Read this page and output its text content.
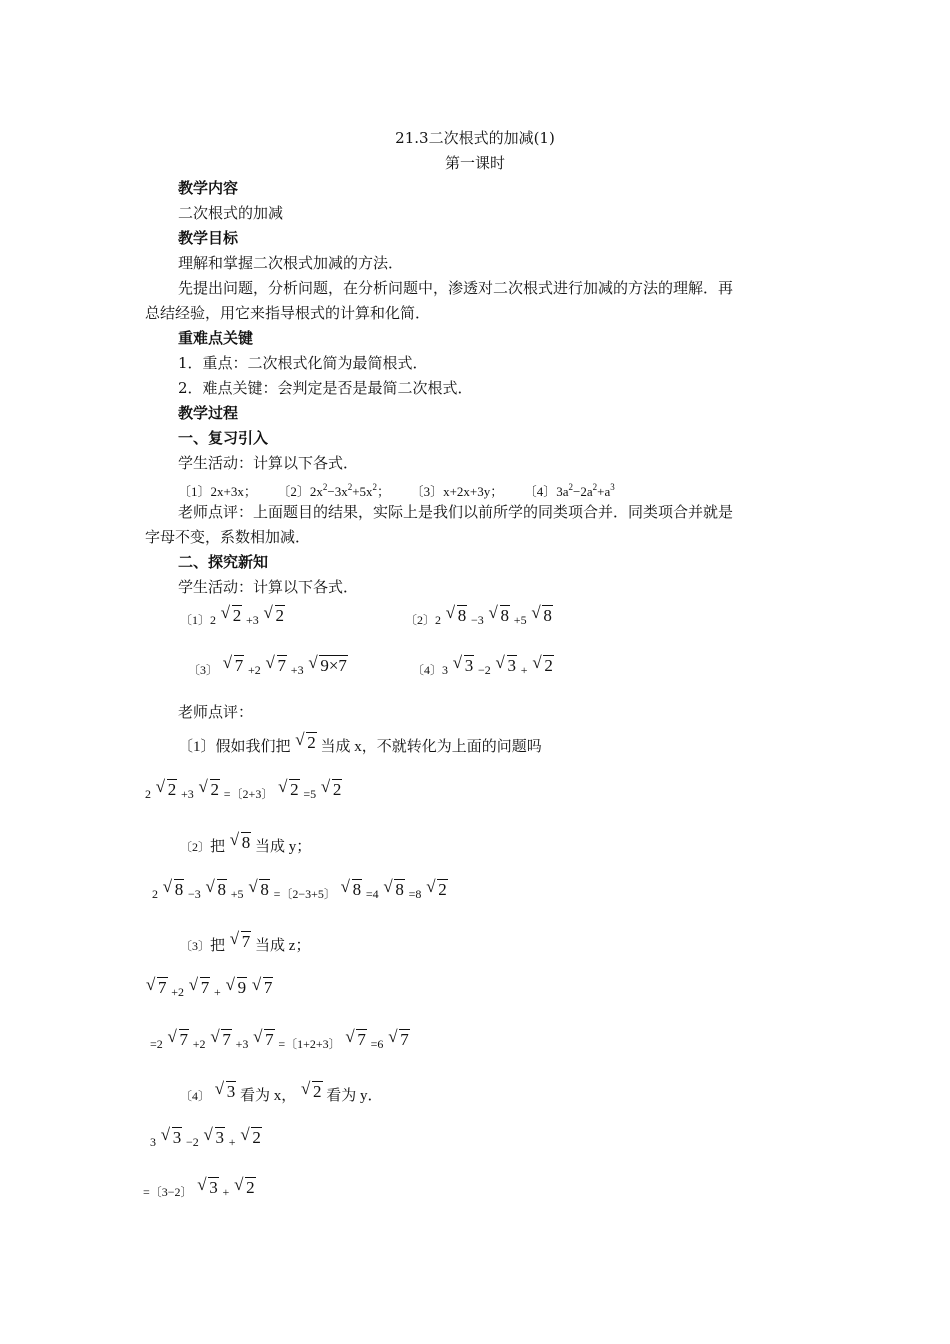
21.3二次根式的加减(1)
第一课时
教学内容
二次根式的加减
教学目标
理解和掌握二次根式加减的方法．
先提出问题，分析问题，在分析问题中，渗透对二次根式进行加减的方法的理解．再
总结经验，用它来指导根式的计算和化简．
重难点关键
1．重点：二次根式化简为最简根式．
2．难点关键：会判定是否是最简二次根式．
教学过程
一、复习引入
学生活动：计算以下各式．
〔1〕2x+3x； 〔2〕$2x^2-3x^2+5x^2$； 〔3〕x+2x+3y； 〔4〕$3a^2-2a^2+a^3$
老师点评：上面题目的结果，实际上是我们以前所学的同类项合并．同类项合并就是
字母不变，系数相加减．
二、探究新知
学生活动：计算以下各式．
〔1〕2 √ 2 +3 √ 2	〔2〕2 √ 8 −3 √ 8 +5 √ 8
〔3〕 √ 7 +2 √ 7 +3 √ 9×7	〔4〕3 √ 3 −2 √ 3 + √ 2
老师点评：
〔1〕假如我们把 √ 2 当成 x，不就转化为上面的问题吗
2 √ 2 +3 √ 2 =〔2+3〕 √ 2 =5 √ 2
〔2〕把 √ 8 当成 y；
2 √ 8 −3 √ 8 +5 √ 8 =〔2−3+5〕 √ 8 =4 √ 8 =8 √ 2
〔3〕把 √ 7 当成 z；
√ 7 +2 √ 7 + √ 9 √ 7
=2 √ 7 +2 √ 7 +3 √ 7 =〔1+2+3〕 √ 7 =6 √ 7
〔4〕 √ 3 看为 x， √ 2 看为 y．
3 √ 3 −2 √ 3 + √ 2
=〔3−2〕 √ 3 + √ 2
